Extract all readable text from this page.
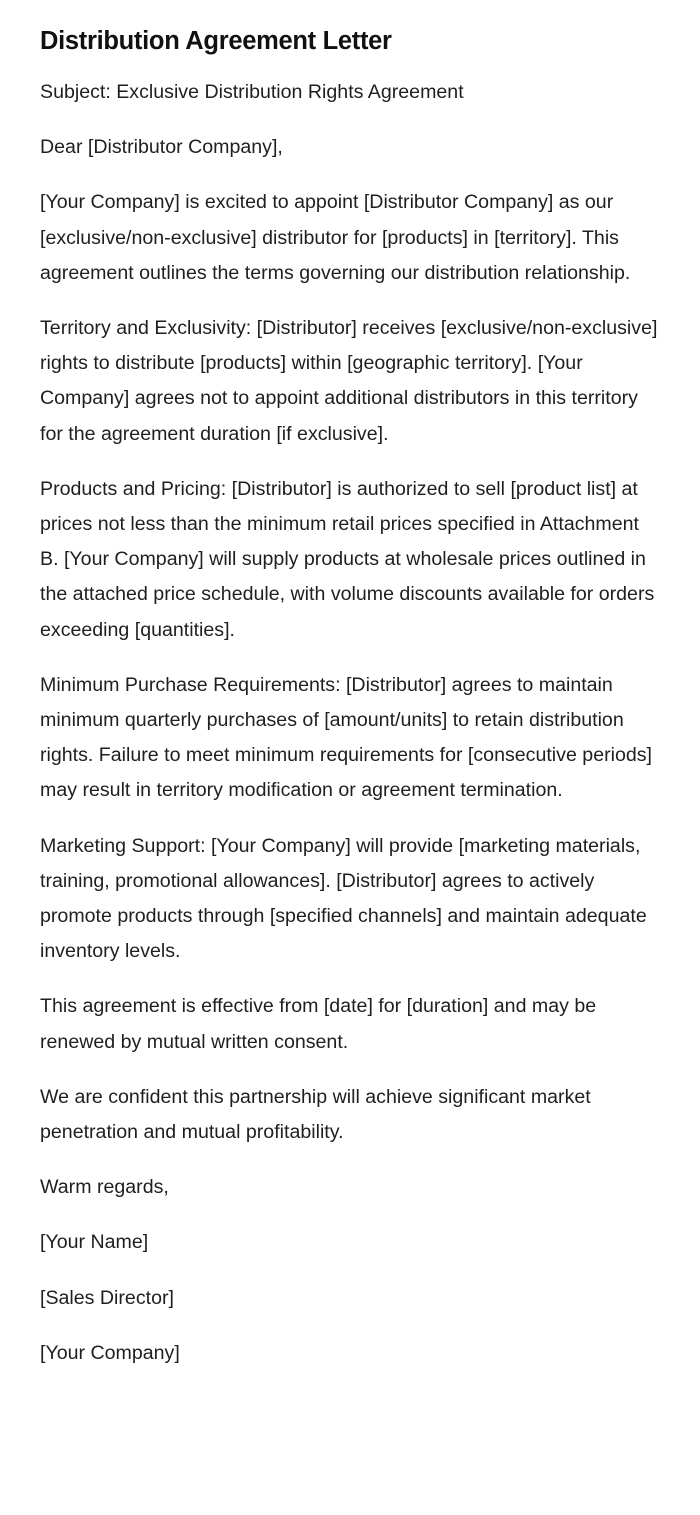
Distribution Agreement Letter

Subject: Exclusive Distribution Rights Agreement

Dear [Distributor Company],

[Your Company] is excited to appoint [Distributor Company] as our [exclusive/non-exclusive] distributor for [products] in [territory]. This agreement outlines the terms governing our distribution relationship.

Territory and Exclusivity: [Distributor] receives [exclusive/non-exclusive] rights to distribute [products] within [geographic territory]. [Your Company] agrees not to appoint additional distributors in this territory for the agreement duration [if exclusive].

Products and Pricing: [Distributor] is authorized to sell [product list] at prices not less than the minimum retail prices specified in Attachment B. [Your Company] will supply products at wholesale prices outlined in the attached price schedule, with volume discounts available for orders exceeding [quantities].

Minimum Purchase Requirements: [Distributor] agrees to maintain minimum quarterly purchases of [amount/units] to retain distribution rights. Failure to meet minimum requirements for [consecutive periods] may result in territory modification or agreement termination.

Marketing Support: [Your Company] will provide [marketing materials, training, promotional allowances]. [Distributor] agrees to actively promote products through [specified channels] and maintain adequate inventory levels.

This agreement is effective from [date] for [duration] and may be renewed by mutual written consent.

We are confident this partnership will achieve significant market penetration and mutual profitability.

Warm regards,

[Your Name]

[Sales Director]

[Your Company]
